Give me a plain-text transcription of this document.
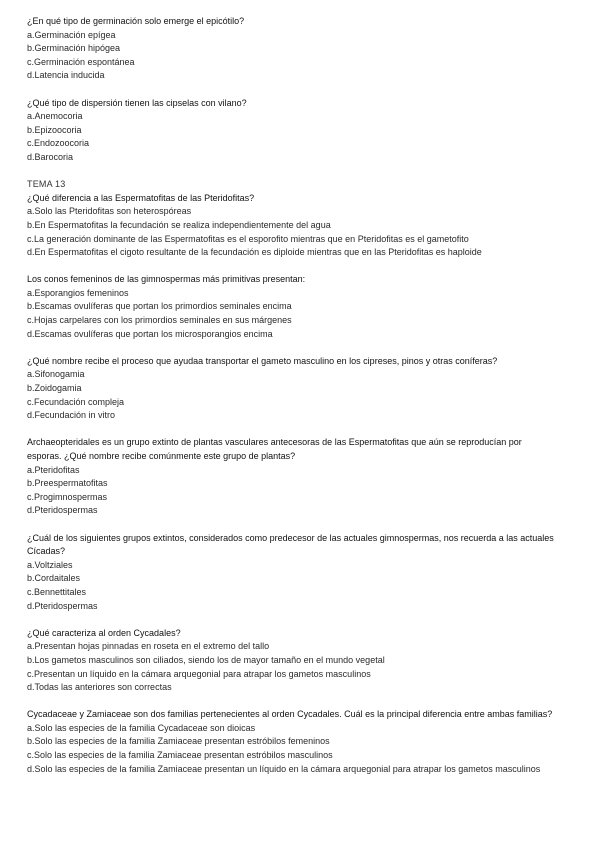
¿En qué tipo de germinación solo emerge el epicótilo?
a.Germinación epígea
b.Germinación hipógea
c.Germinación espontánea
d.Latencia inducida
¿Qué tipo de dispersión tienen las cipselas con vilano?
a.Anemocoria
b.Epizoocoria
c.Endozoocoria
d.Barocoria
TEMA 13
¿Qué diferencia a las Espermatofitas de las Pteridofitas?
a.Solo las Pteridofitas son heterospóreas
b.En Espermatofitas la fecundación se realiza independientemente del agua
c.La generación dominante de las Espermatofitas es el esporofito mientras que en Pteridofitas es el gametofito
d.En Espermatofitas el cigoto resultante de la fecundación es diploide mientras que en las Pteridofitas es haploide
Los conos femeninos de las gimnospermas más primitivas presentan:
a.Esporangios femeninos
b.Escamas ovulíferas que portan los primordios seminales encima
c.Hojas carpelares con los primordios seminales en sus márgenes
d.Escamas ovulíferas que portan los microsporangios encima
¿Qué nombre recibe el proceso que ayudaa transportar el gameto masculino en los cipreses, pinos y otras coníferas?
a.Sifonogamia
b.Zoidogamia
c.Fecundación compleja
d.Fecundación in vitro
Archaeopteridales es un grupo extinto de plantas vasculares antecesoras de las Espermatofitas que aún se reproducían por esporas. ¿Qué nombre recibe comúnmente este grupo de plantas?
a.Pteridofitas
b.Preespermatofitas
c.Progimnospermas
d.Pteridospermas
¿Cuál de los siguientes grupos extintos, considerados como predecesor de las actuales gimnospermas, nos recuerda a las actuales Cícadas?
a.Voltziales
b.Cordaitales
c.Bennettitales
d.Pteridospermas
¿Qué caracteriza al orden Cycadales?
a.Presentan hojas pinnadas en roseta en el extremo del tallo
b.Los gametos masculinos son ciliados, siendo los de mayor tamaño en el mundo vegetal
c.Presentan un líquido en la cámara arquegonial para atrapar los gametos masculinos
d.Todas las anteriores son correctas
Cycadaceae y Zamiaceae son dos familias pertenecientes al orden Cycadales. Cuál es la principal diferencia entre ambas familias?
a.Solo las especies de la familia Cycadaceae son dioicas
b.Solo las especies de la familia Zamiaceae presentan estróbilos femeninos
c.Solo las especies de la familia Zamiaceae presentan estróbilos masculinos
d.Solo las especies de la familia Zamiaceae presentan un líquido en la cámara arquegonial para atrapar los gametos masculinos
